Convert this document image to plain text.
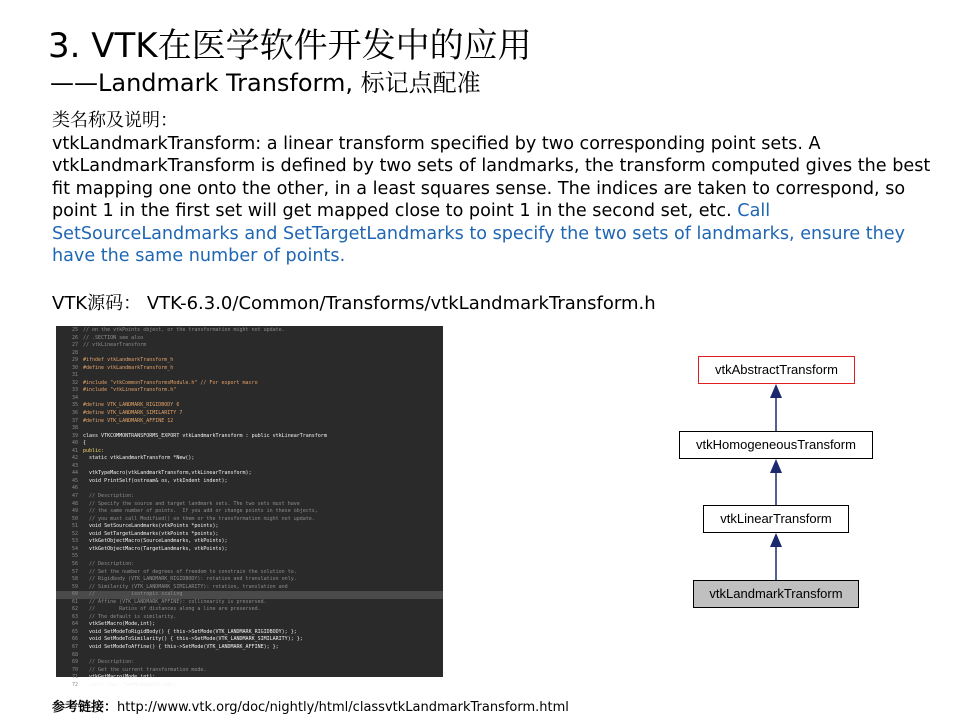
3. VTK在医学软件开发中的应用
——Landmark Transform, 标记点配准
类名称及说明：
vtkLandmarkTransform: a linear transform specified by two corresponding point sets. A vtkLandmarkTransform is defined by two sets of landmarks, the transform computed gives the best fit mapping one onto the other, in a least squares sense. The indices are taken to correspond, so point 1 in the first set will get mapped close to point 1 in the second set, etc. Call SetSourceLandmarks and SetTargetLandmarks to specify the two sets of landmarks, ensure they have the same number of points.
VTK源码： VTK-6.3.0/Common/Transforms/vtkLandmarkTransform.h
25	// on the vtkPoints object, or the transformation might not update.
26	// .SECTION see also
27	// vtkLinearTransform
28
29	#ifndef vtkLandmarkTransform_h
30	#define vtkLandmarkTransform_h
31
32	#include "vtkCommonTransformsModule.h" // For export macro
33	#include "vtkLinearTransform.h"
34
35	#define VTK_LANDMARK_RIGIDBODY 6
36	#define VTK_LANDMARK_SIMILARITY 7
37	#define VTK_LANDMARK_AFFINE 12
38
39	class VTKCOMMONTRANSFORMS_EXPORT vtkLandmarkTransform : public vtkLinearTransform
40	{
41	public:
42	static vtkLandmarkTransform *New();
43
44	vtkTypeMacro(vtkLandmarkTransform,vtkLinearTransform);
45	void PrintSelf(ostream& os, vtkIndent indent);
46
47	// Description:
48	// Specify the source and target landmark sets. The two sets must have
49	// the same number of points.  If you add or change points in these objects,
50	// you must call Modified() on them or the transformation might not update.
51	void SetSourceLandmarks(vtkPoints *points);
52	void SetTargetLandmarks(vtkPoints *points);
53	vtkGetObjectMacro(SourceLandmarks, vtkPoints);
54	vtkGetObjectMacro(TargetLandmarks, vtkPoints);
55
56	// Description:
57	// Set the number of degrees of freedom to constrain the solution to.
58	// Rigidbody (VTK_LANDMARK_RIGIDBODY): rotation and translation only.
59	// Similarity (VTK_LANDMARK_SIMILARITY): rotation, translation and
60	//            isotropic scaling
61	// Affine (VTK_LANDMARK_AFFINE): collinearity is preserved.
62	//        Ratios of distances along a line are preserved.
63	// The default is similarity.
64	vtkSetMacro(Mode,int);
65	void SetModeToRigidBody() { this->SetMode(VTK_LANDMARK_RIGIDBODY); };
66	void SetModeToSimilarity() { this->SetMode(VTK_LANDMARK_SIMILARITY); };
67	void SetModeToAffine() { this->SetMode(VTK_LANDMARK_AFFINE); };
68
69	// Description:
70	// Get the current transformation mode.
71	vtkGetMacro(Mode,int);
72	const char *GetModeAsString();
vtkAbstractTransform
vtkHomogeneousTransform
vtkLinearTransform
vtkLandmarkTransform
参考链接：http://www.vtk.org/doc/nightly/html/classvtkLandmarkTransform.html
